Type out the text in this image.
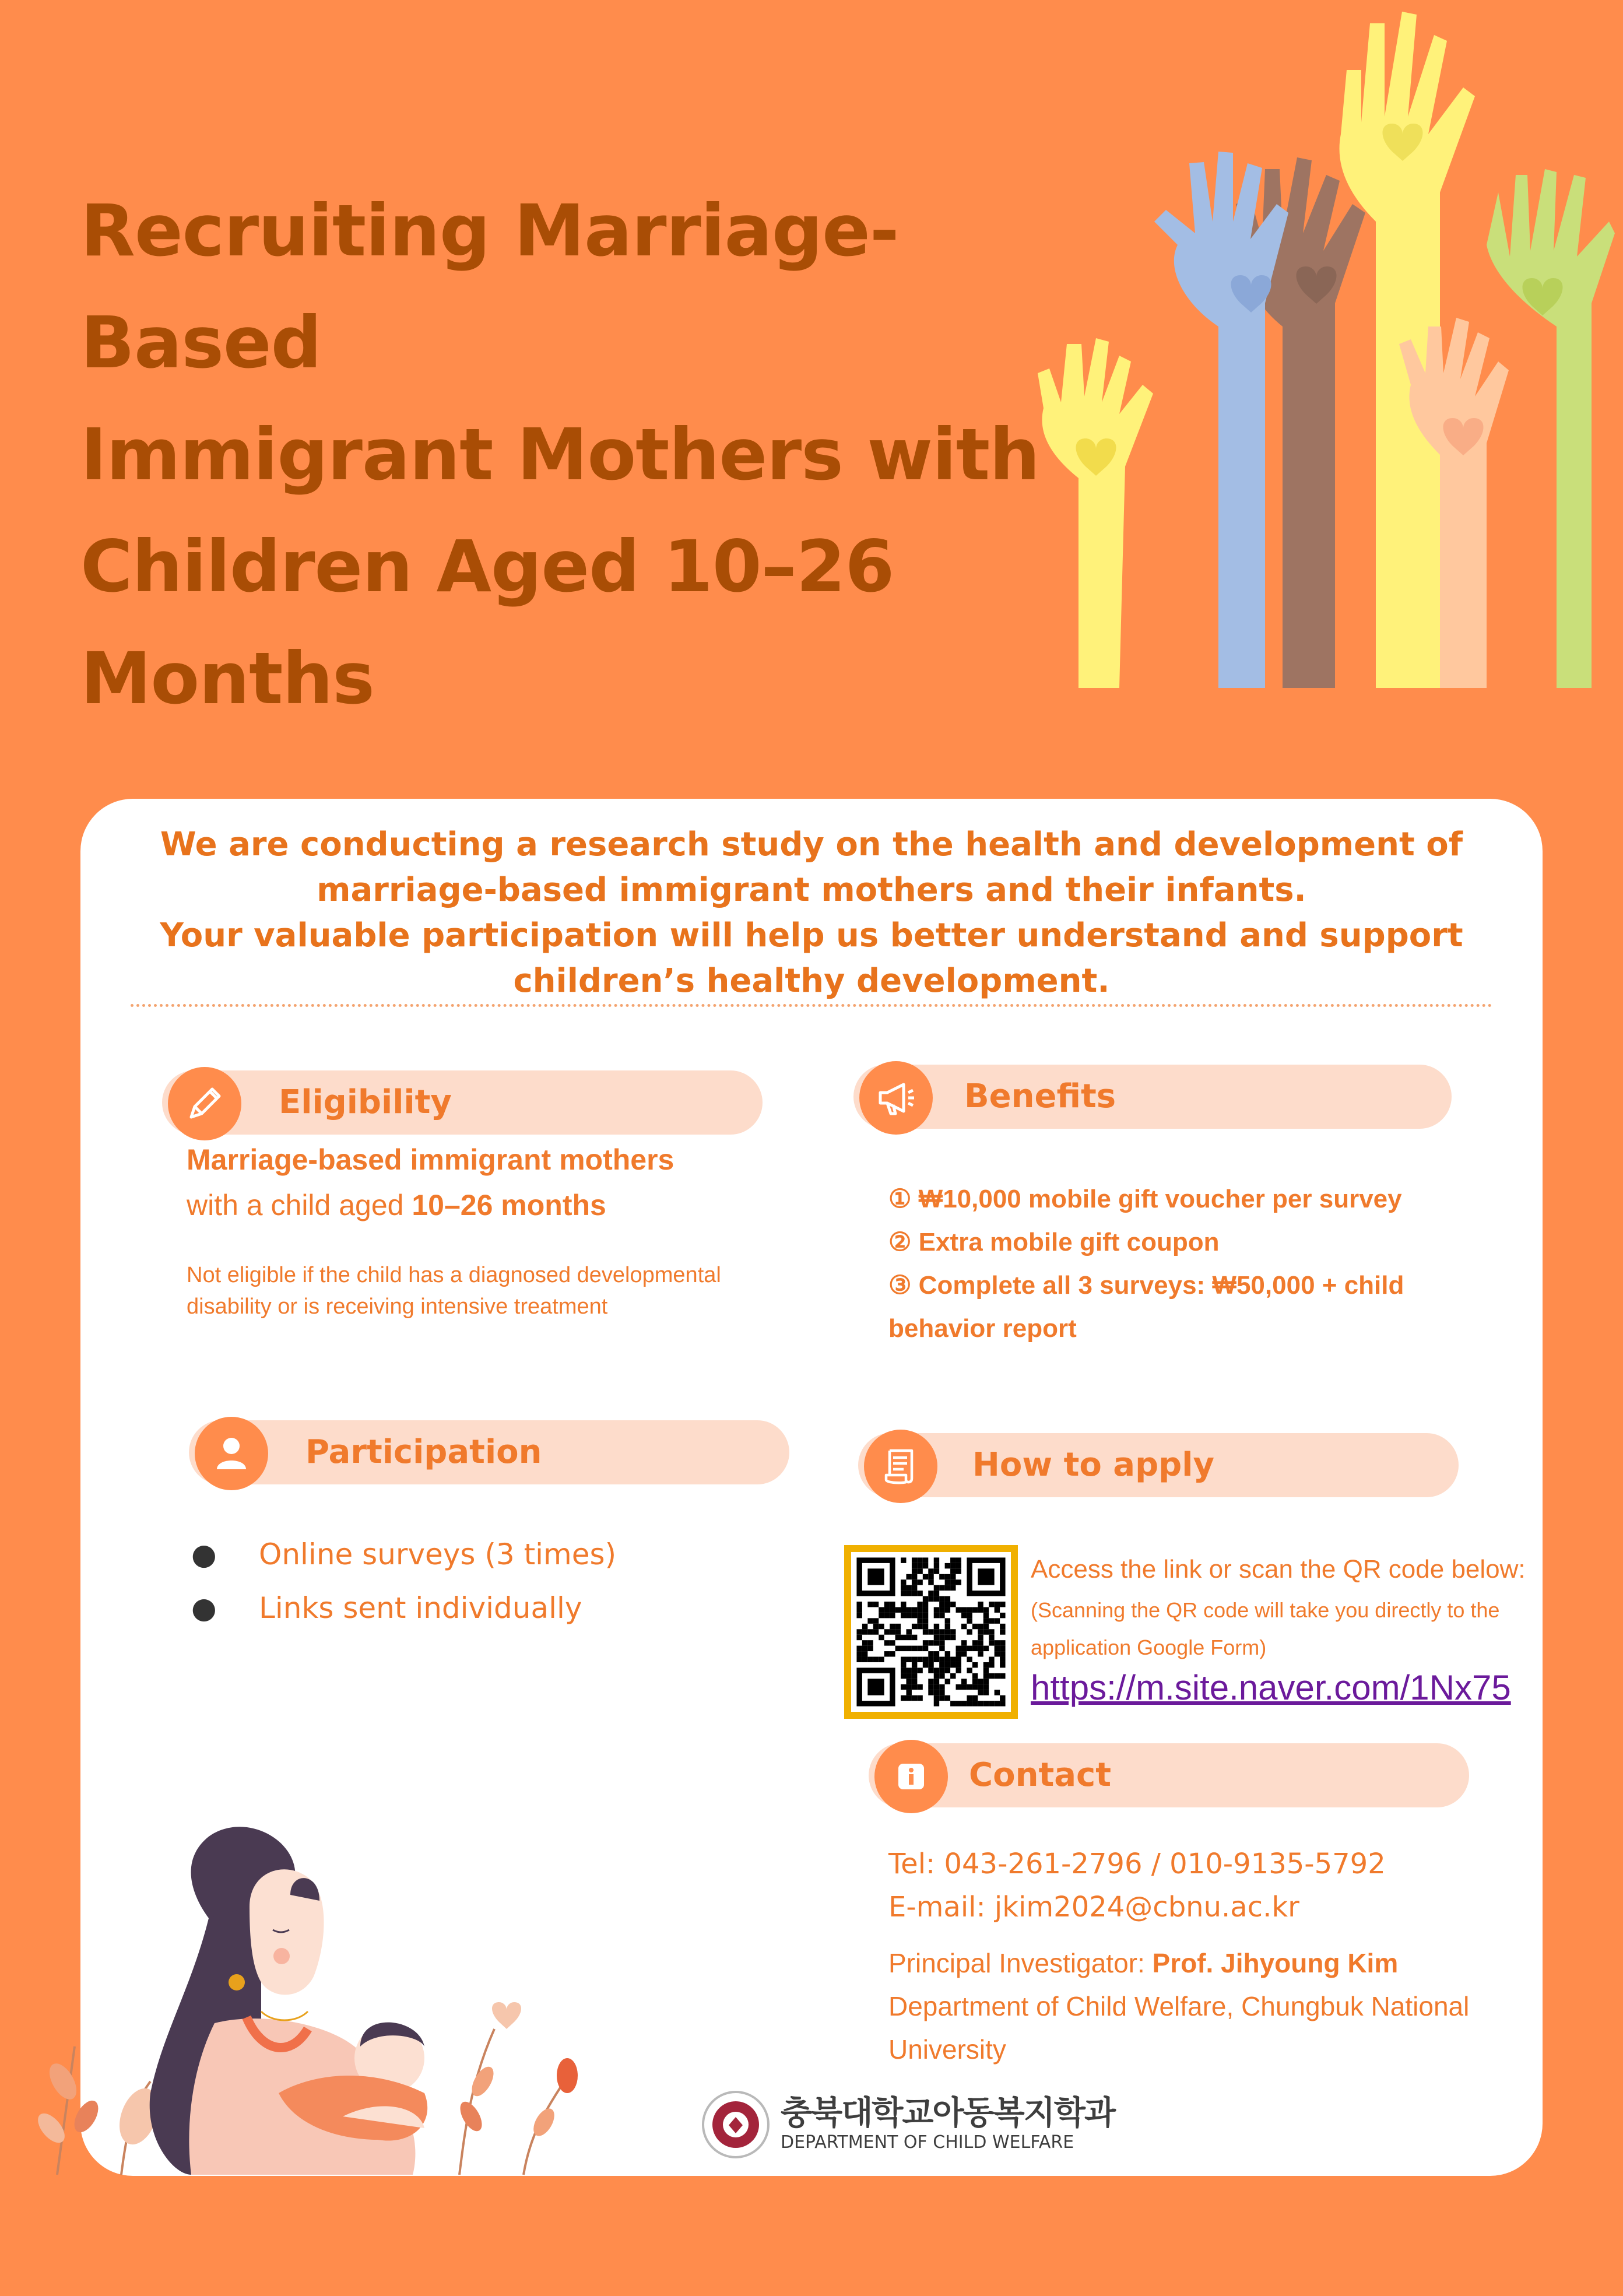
Recruiting Marriage-Based
Immigrant Mothers with
Children Aged 10–26
Months
We are conducting a research study on the health and development of marriage-based immigrant mothers and their infants.
Your valuable participation will help us better understand and support children’s healthy development.
Eligibility
Marriage-based immigrant mothers
with a child aged 10–26 months
Not eligible if the child has a diagnosed developmental disability or is receiving intensive treatment
Benefits
① ₩10,000 mobile gift voucher per survey
② Extra mobile gift coupon
③ Complete all 3 surveys: ₩50,000 + child behavior report
Participation
● Online surveys (3 times)
● Links sent individually
How to apply
Access the link or scan the QR code below:
(Scanning the QR code will take you directly to the application Google Form)
https://m.site.naver.com/1Nx75
Contact
Tel: 043-261-2796 / 010-9135-5792
E-mail: jkim2024@cbnu.ac.kr
Principal Investigator: Prof. Jihyoung Kim
Department of Child Welfare, Chungbuk National University
충북대학교아동복지학과
DEPARTMENT OF CHILD WELFARE
